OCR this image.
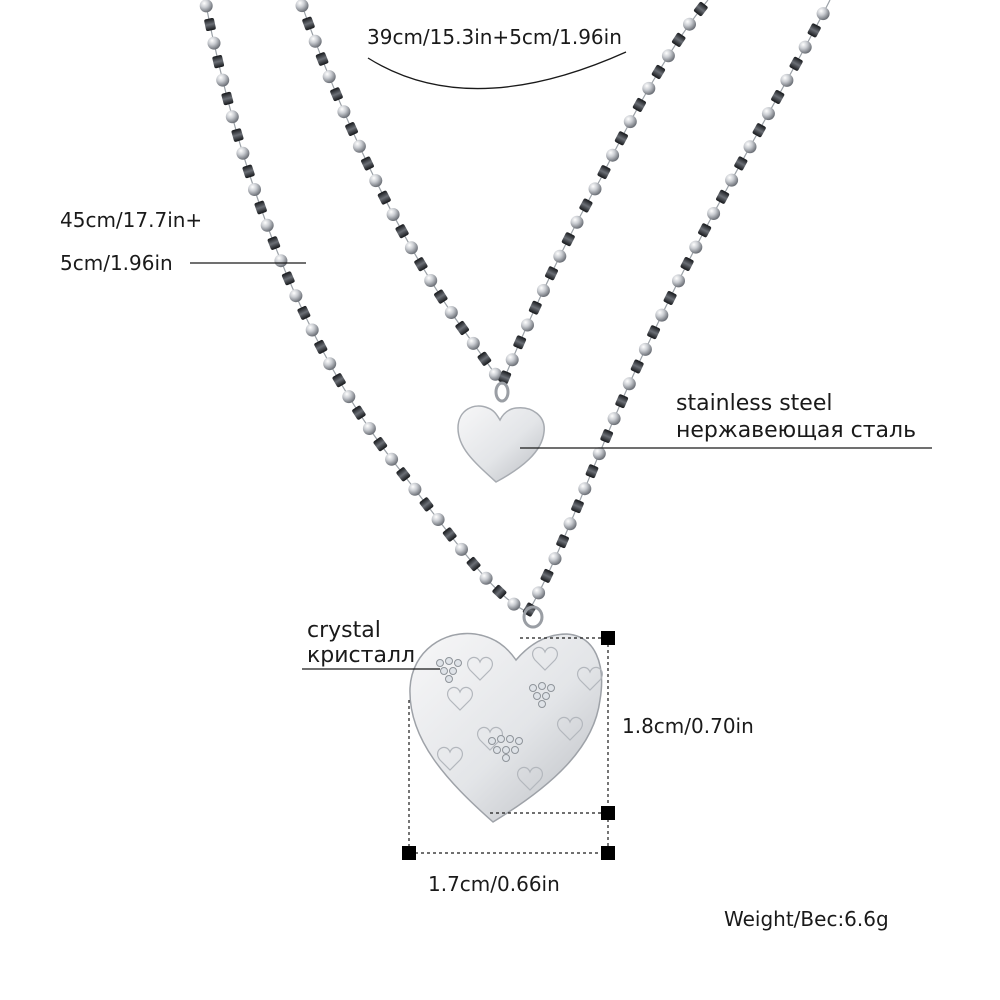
39cm/15.3in+5cm/1.96in
45cm/17.7in+
5cm/1.96in
stainless steel
нержавеющая сталь
crystal
кристалл
1.8cm/0.70in
1.7cm/0.66in
Weight/Вес:6.6g
